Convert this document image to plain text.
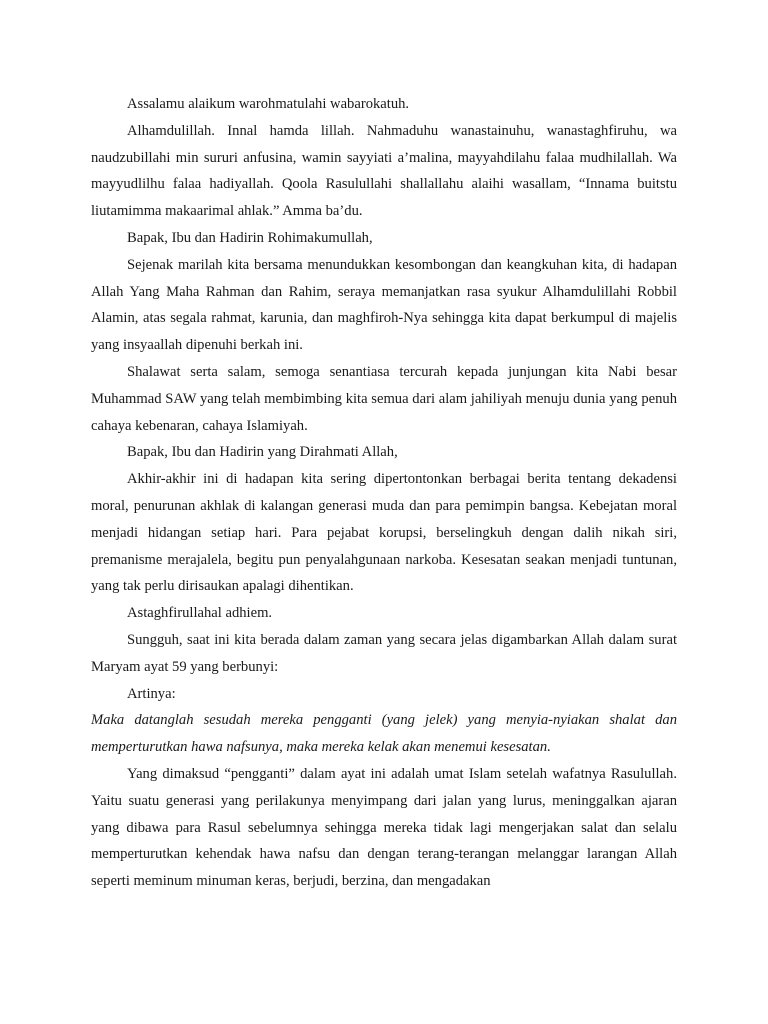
Assalamu alaikum warohmatulahi wabarokatuh.

Alhamdulillah. Innal hamda lillah. Nahmaduhu wanastainuhu, wanastaghfiruhu, wa naudzubillahi min sururi anfusina, wamin sayyiati a’malina, mayyahdilahu falaa mudhilallah. Wa mayyudlilhu falaa hadiyallah. Qoola Rasulullahi shallallahu alaihi wasallam, “Innama buitstu liutamimma makaarimal ahlak.” Amma ba’du.

Bapak, Ibu dan Hadirin Rohimakumullah,

Sejenak marilah kita bersama menundukkan kesombongan dan keangkuhan kita, di hadapan Allah Yang Maha Rahman dan Rahim, seraya memanjatkan rasa syukur Alhamdulillahi Robbil Alamin, atas segala rahmat, karunia, dan maghfiroh-Nya sehingga kita dapat berkumpul di majelis yang insyaallah dipenuhi berkah ini.

Shalawat serta salam, semoga senantiasa tercurah kepada junjungan kita Nabi besar Muhammad SAW yang telah membimbing kita semua dari alam jahiliyah menuju dunia yang penuh cahaya kebenaran, cahaya Islamiyah.

Bapak, Ibu dan Hadirin yang Dirahmati Allah,

Akhir-akhir ini di hadapan kita sering dipertontonkan berbagai berita tentang dekadensi moral, penurunan akhlak di kalangan generasi muda dan para pemimpin bangsa. Kebejatan moral menjadi hidangan setiap hari. Para pejabat korupsi, berselingkuh dengan dalih nikah siri, premanisme merajalela, begitu pun penyalahgunaan narkoba. Kesesatan seakan menjadi tuntunan, yang tak perlu dirisaukan apalagi dihentikan.

Astaghfirullahal adhiem.

Sungguh, saat ini kita berada dalam zaman yang secara jelas digambarkan Allah dalam surat Maryam ayat 59 yang berbunyi:

Artinya:

Maka datanglah sesudah mereka pengganti (yang jelek) yang menyia-nyiakan shalat dan memperturutkan hawa nafsunya, maka mereka kelak akan menemui kesesatan.

Yang dimaksud “pengganti” dalam ayat ini adalah umat Islam setelah wafatnya Rasulullah. Yaitu suatu generasi yang perilakunya menyimpang dari jalan yang lurus, meninggalkan ajaran yang dibawa para Rasul sebelumnya sehingga mereka tidak lagi mengerjakan salat dan selalu memperturutkan kehendak hawa nafsu dan dengan terang-terangan melanggar larangan Allah seperti meminum minuman keras, berjudi, berzina, dan mengadakan
